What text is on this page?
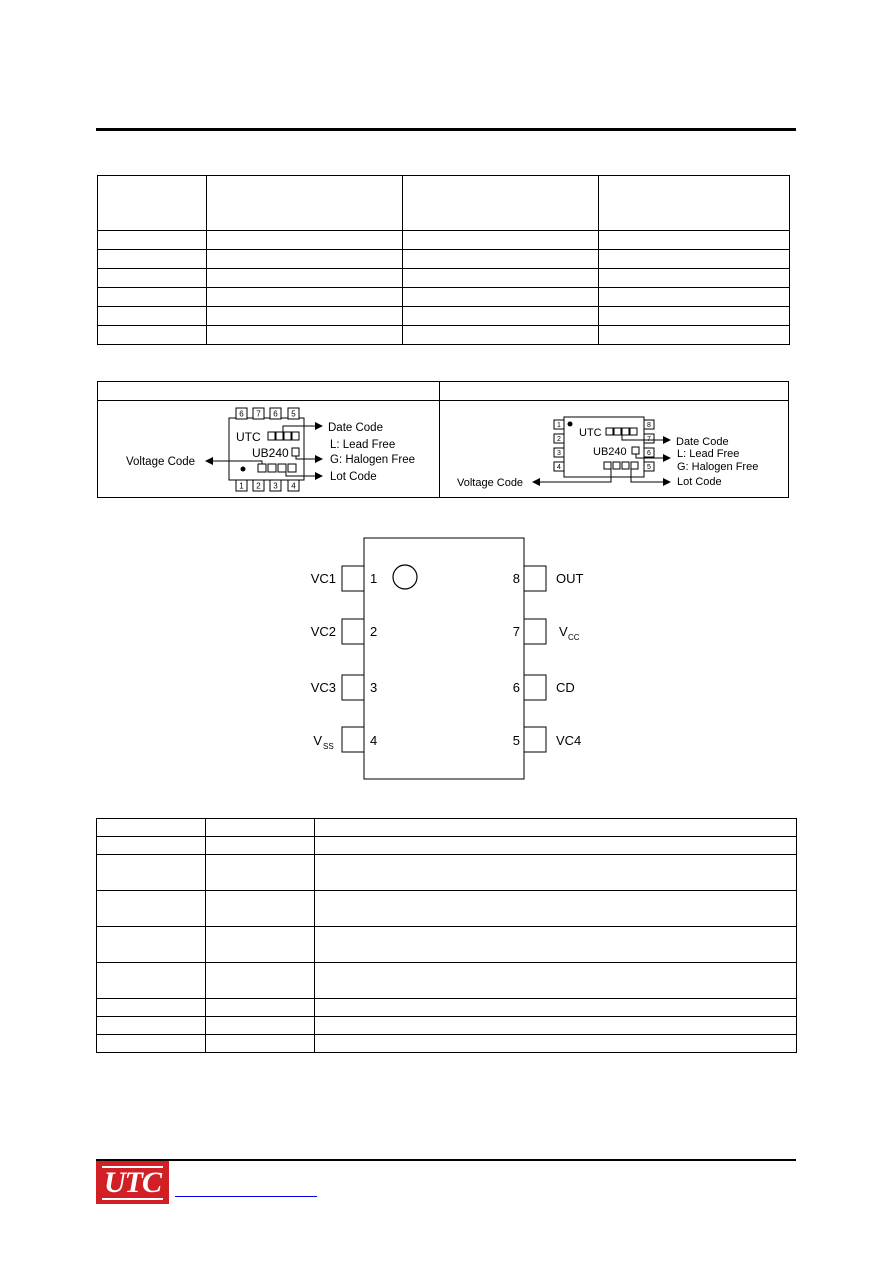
6 7 6 5
1 2 3 4
UTC
UB240
Date Code
L: Lead Free
G: Halogen Free
Lot Code
Voltage Code
1
2
3
4
8
7
6
5
UTC
UB240
Date Code
L: Lead Free
G: Halogen Free
Lot Code
Voltage Code
VC1
VC2
VC3
V SS
1
2
3
4
8
7
6
5
OUT
V CC
CD
VC4
UTC
